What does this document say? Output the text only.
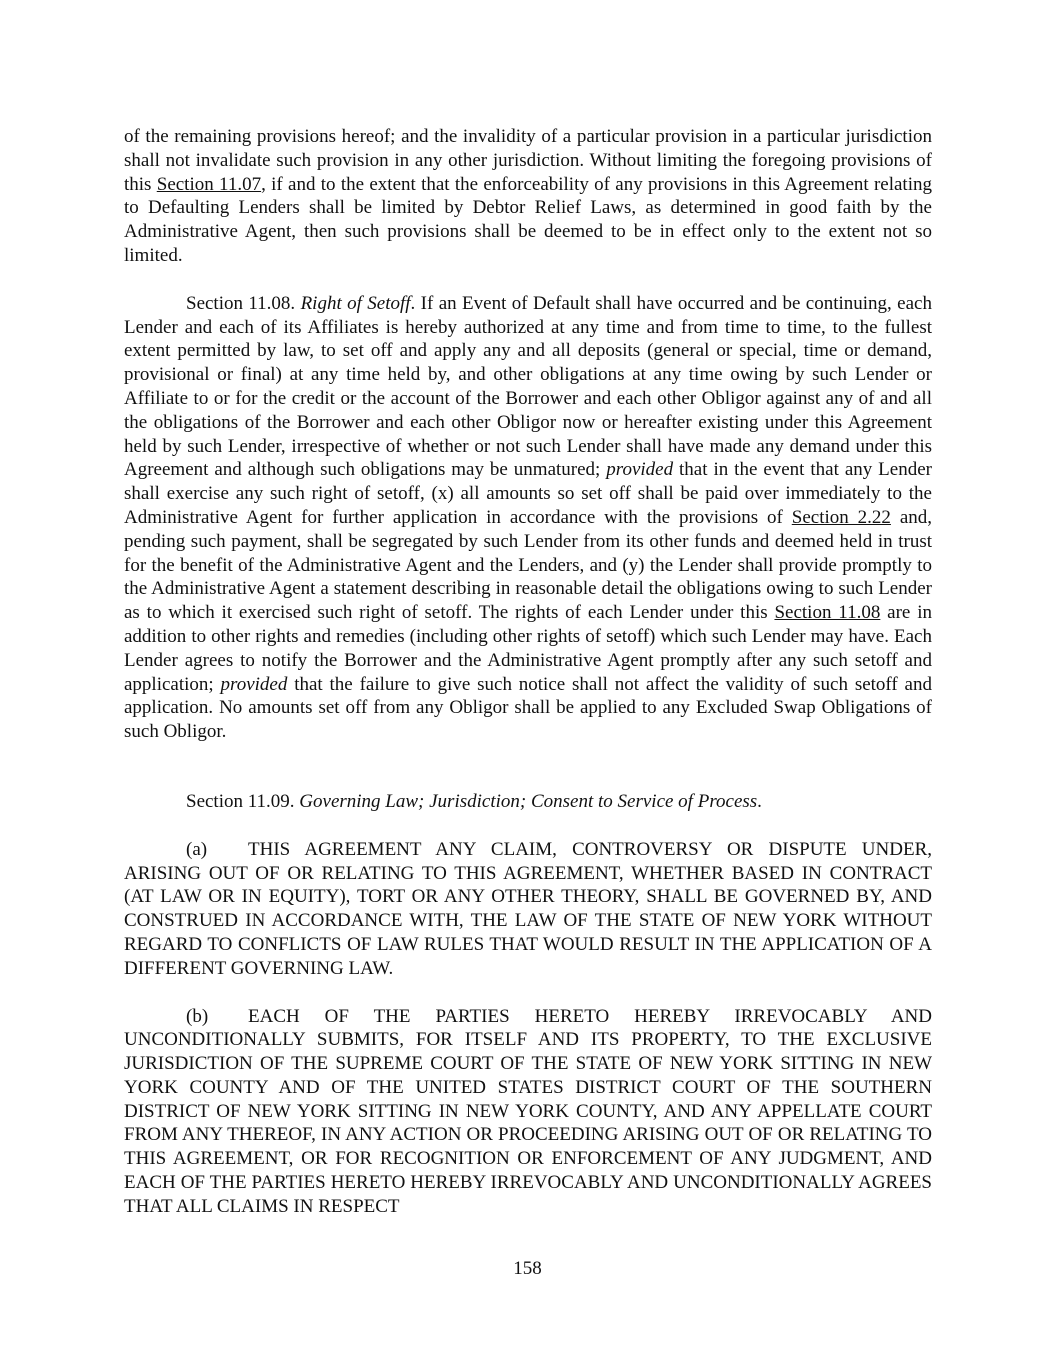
of the remaining provisions hereof; and the invalidity of a particular provision in a particular jurisdiction shall not invalidate such provision in any other jurisdiction. Without limiting the foregoing provisions of this Section 11.07, if and to the extent that the enforceability of any provisions in this Agreement relating to Defaulting Lenders shall be limited by Debtor Relief Laws, as determined in good faith by the Administrative Agent, then such provisions shall be deemed to be in effect only to the extent not so limited.

Section 11.08. Right of Setoff. If an Event of Default shall have occurred and be continuing, each Lender and each of its Affiliates is hereby authorized at any time and from time to time, to the fullest extent permitted by law, to set off and apply any and all deposits (general or special, time or demand, provisional or final) at any time held by, and other obligations at any time owing by such Lender or Affiliate to or for the credit or the account of the Borrower and each other Obligor against any of and all the obligations of the Borrower and each other Obligor now or hereafter existing under this Agreement held by such Lender, irrespective of whether or not such Lender shall have made any demand under this Agreement and although such obligations may be unmatured; provided that in the event that any Lender shall exercise any such right of setoff, (x) all amounts so set off shall be paid over immediately to the Administrative Agent for further application in accordance with the provisions of Section 2.22 and, pending such payment, shall be segregated by such Lender from its other funds and deemed held in trust for the benefit of the Administrative Agent and the Lenders, and (y) the Lender shall provide promptly to the Administrative Agent a statement describing in reasonable detail the obligations owing to such Lender as to which it exercised such right of setoff. The rights of each Lender under this Section 11.08 are in addition to other rights and remedies (including other rights of setoff) which such Lender may have. Each Lender agrees to notify the Borrower and the Administrative Agent promptly after any such setoff and application; provided that the failure to give such notice shall not affect the validity of such setoff and application. No amounts set off from any Obligor shall be applied to any Excluded Swap Obligations of such Obligor.

Section 11.09. Governing Law; Jurisdiction; Consent to Service of Process.

(a) THIS AGREEMENT ANY CLAIM, CONTROVERSY OR DISPUTE UNDER, ARISING OUT OF OR RELATING TO THIS AGREEMENT, WHETHER BASED IN CONTRACT (AT LAW OR IN EQUITY), TORT OR ANY OTHER THEORY, SHALL BE GOVERNED BY, AND CONSTRUED IN ACCORDANCE WITH, THE LAW OF THE STATE OF NEW YORK WITHOUT REGARD TO CONFLICTS OF LAW RULES THAT WOULD RESULT IN THE APPLICATION OF A DIFFERENT GOVERNING LAW.

(b) EACH OF THE PARTIES HERETO HEREBY IRREVOCABLY AND UNCONDITIONALLY SUBMITS, FOR ITSELF AND ITS PROPERTY, TO THE EXCLUSIVE JURISDICTION OF THE SUPREME COURT OF THE STATE OF NEW YORK SITTING IN NEW YORK COUNTY AND OF THE UNITED STATES DISTRICT COURT OF THE SOUTHERN DISTRICT OF NEW YORK SITTING IN NEW YORK COUNTY, AND ANY APPELLATE COURT FROM ANY THEREOF, IN ANY ACTION OR PROCEEDING ARISING OUT OF OR RELATING TO THIS AGREEMENT, OR FOR RECOGNITION OR ENFORCEMENT OF ANY JUDGMENT, AND EACH OF THE PARTIES HERETO HEREBY IRREVOCABLY AND UNCONDITIONALLY AGREES THAT ALL CLAIMS IN RESPECT

158
